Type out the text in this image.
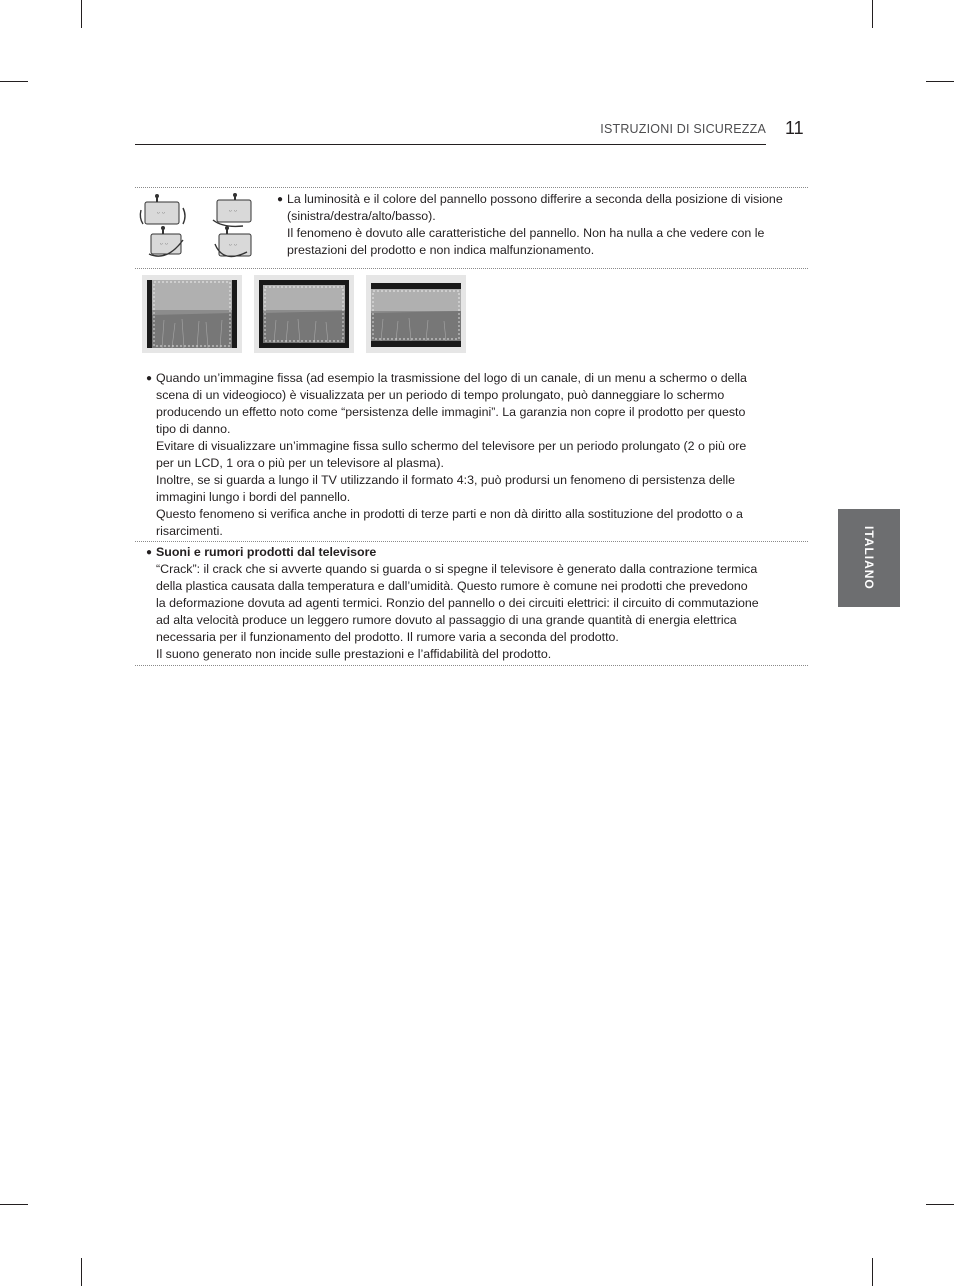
ISTRUZIONI DI SICUREZZA 11
ITALIANO
ᵕ ᵕ	ᵕ ᵕ
ᵕ ᵕ	ᵕ ᵕ
● La luminosità e il colore del pannello possono differire a seconda della posizione di visione

(sinistra/destra/alto/basso).

Il fenomeno è dovuto alle caratteristiche del pannello. Non ha nulla a che vedere con le

prestazioni del prodotto e non indica malfunzionamento.

● Quando un’immagine fissa (ad esempio la trasmissione del logo di un canale, di un menu a schermo o della

scena di un videogioco) è visualizzata per un periodo di tempo prolungato, può danneggiare lo schermo

producendo un effetto noto come “persistenza delle immagini”. La garanzia non copre il prodotto per questo

tipo di danno.

Evitare di visualizzare un’immagine fissa sullo schermo del televisore per un periodo prolungato (2 o più ore

per un LCD, 1 ora o più per un televisore al plasma).

Inoltre, se si guarda a lungo il TV utilizzando il formato 4:3, può prodursi un fenomeno di persistenza delle

immagini lungo i bordi del pannello.

Questo fenomeno si verifica anche in prodotti di terze parti e non dà diritto alla sostituzione del prodotto o a

risarcimenti.

● Suoni e rumori prodotti dal televisore

“Crack”: il crack che si avverte quando si guarda o si spegne il televisore è generato dalla contrazione termica

della plastica causata dalla temperatura e dall’umidità. Questo rumore è comune nei prodotti che prevedono

la deformazione dovuta ad agenti termici. Ronzio del pannello o dei circuiti elettrici: il circuito di commutazione

ad alta velocità produce un leggero rumore dovuto al passaggio di una grande quantità di energia elettrica

necessaria per il funzionamento del prodotto. Il rumore varia a seconda del prodotto.

Il suono generato non incide sulle prestazioni e l’affidabilità del prodotto.
